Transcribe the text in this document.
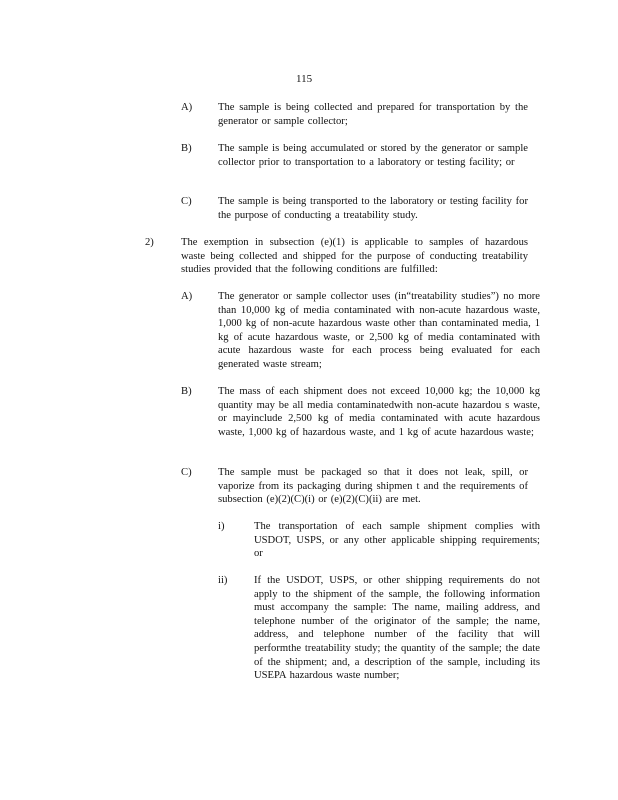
115
A) The sample is being collected and prepared for transportation by the generator or sample collector;
B) The sample is being accumulated or stored by the generator or sample collector prior to transportation to a laboratory or testing facility; or
C) The sample is being transported to the laboratory or testing facility for the purpose of conducting a treatability study.
2)	The exemption in subsection (e)(1) is applicable to samples of hazardous waste being collected and shipped for the purpose of conducting treatability studies provided that the following conditions are fulfilled:
A) The generator or sample collector uses (in“treatability studies”) no more than 10,000 kg of media contaminated with non-acute hazardous waste, 1,000 kg of non-acute hazardous waste other than contaminated media, 1 kg of acute hazardous waste, or 2,500 kg of media contaminated with acute hazardous waste for each process being evaluated for each generated waste stream;
B) The mass of each shipment does not exceed 10,000 kg; the 10,000 kg quantity may be all media contaminatedwith non-acute hazardou s waste, or mayinclude 2,500 kg of media contaminated with acute hazardous waste, 1,000 kg of hazardous waste, and 1 kg of acute hazardous waste;
C) The sample must be packaged so that it does not leak, spill, or vaporize from its packaging during shipmen t and the requirements of subsection (e)(2)(C)(i) or (e)(2)(C)(ii) are met.
i)	The transportation of each sample shipment complies with USDOT, USPS, or any other applicable shipping requirements; or
ii)	If the USDOT, USPS, or other shipping requirements do not apply to the shipment of the sample, the following information must accompany the sample: The name, mailing address, and telephone number of the originator of the sample; the name, address, and telephone number of the facility that will performthe treatability study; the quantity of the sample; the date of the shipment; and, a description of the sample, including its USEPA hazardous waste number;
